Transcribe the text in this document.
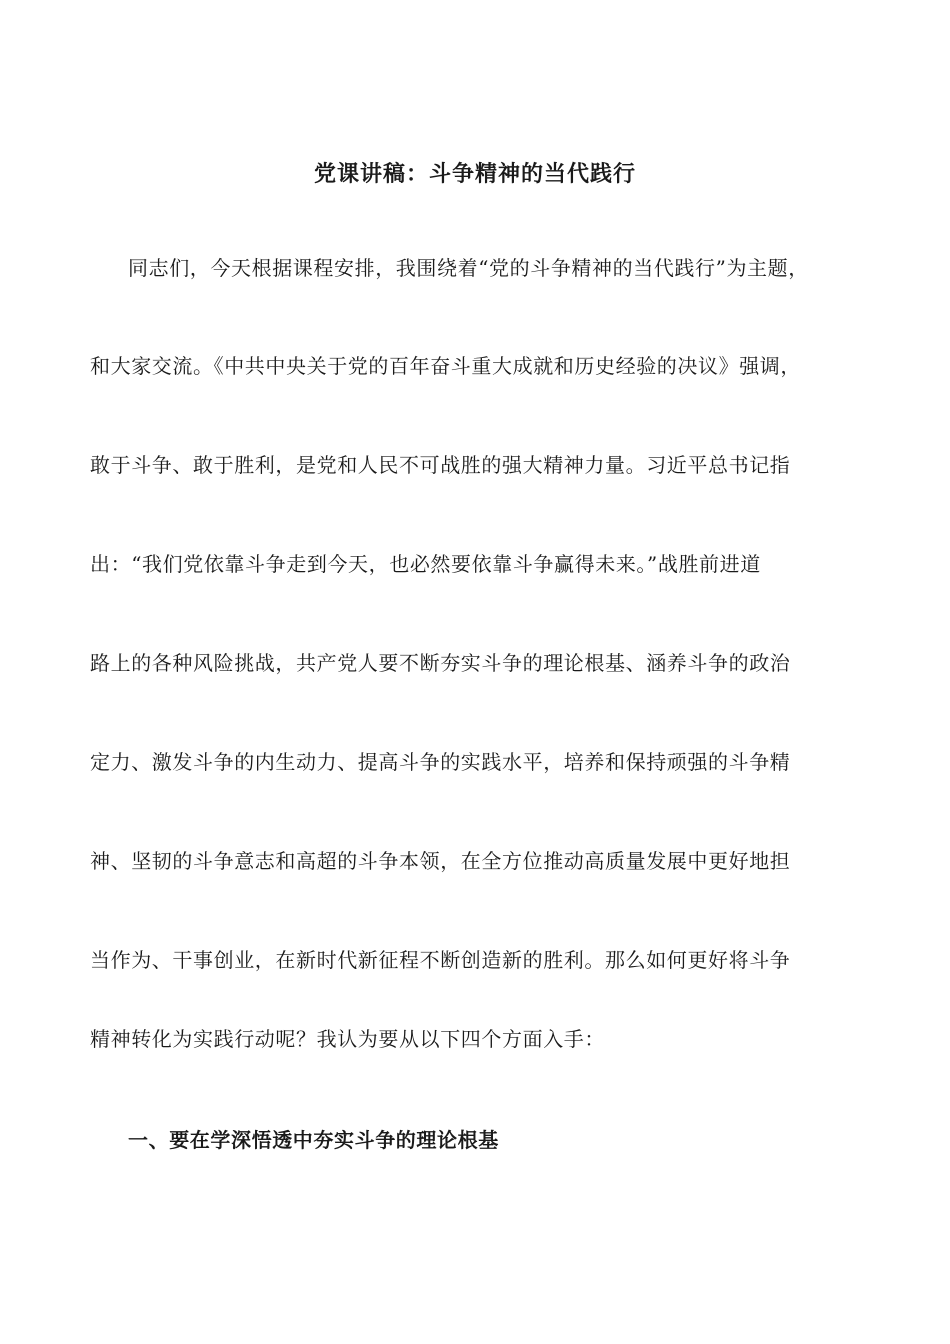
党课讲稿：斗争精神的当代践行

同志们，今天根据课程安排，我围绕着“党的斗争精神的当代践行”为主题，

和大家交流。《中共中央关于党的百年奋斗重大成就和历史经验的决议》强调，

敢于斗争、敢于胜利，是党和人民不可战胜的强大精神力量。习近平总书记指

出：“我们党依靠斗争走到今天，也必然要依靠斗争赢得未来。”战胜前进道

路上的各种风险挑战，共产党人要不断夯实斗争的理论根基、涵养斗争的政治

定力、激发斗争的内生动力、提高斗争的实践水平，培养和保持顽强的斗争精

神、坚韧的斗争意志和高超的斗争本领，在全方位推动高质量发展中更好地担

当作为、干事创业，在新时代新征程不断创造新的胜利。那么如何更好将斗争

精神转化为实践行动呢？我认为要从以下四个方面入手：

一、要在学深悟透中夯实斗争的理论根基
